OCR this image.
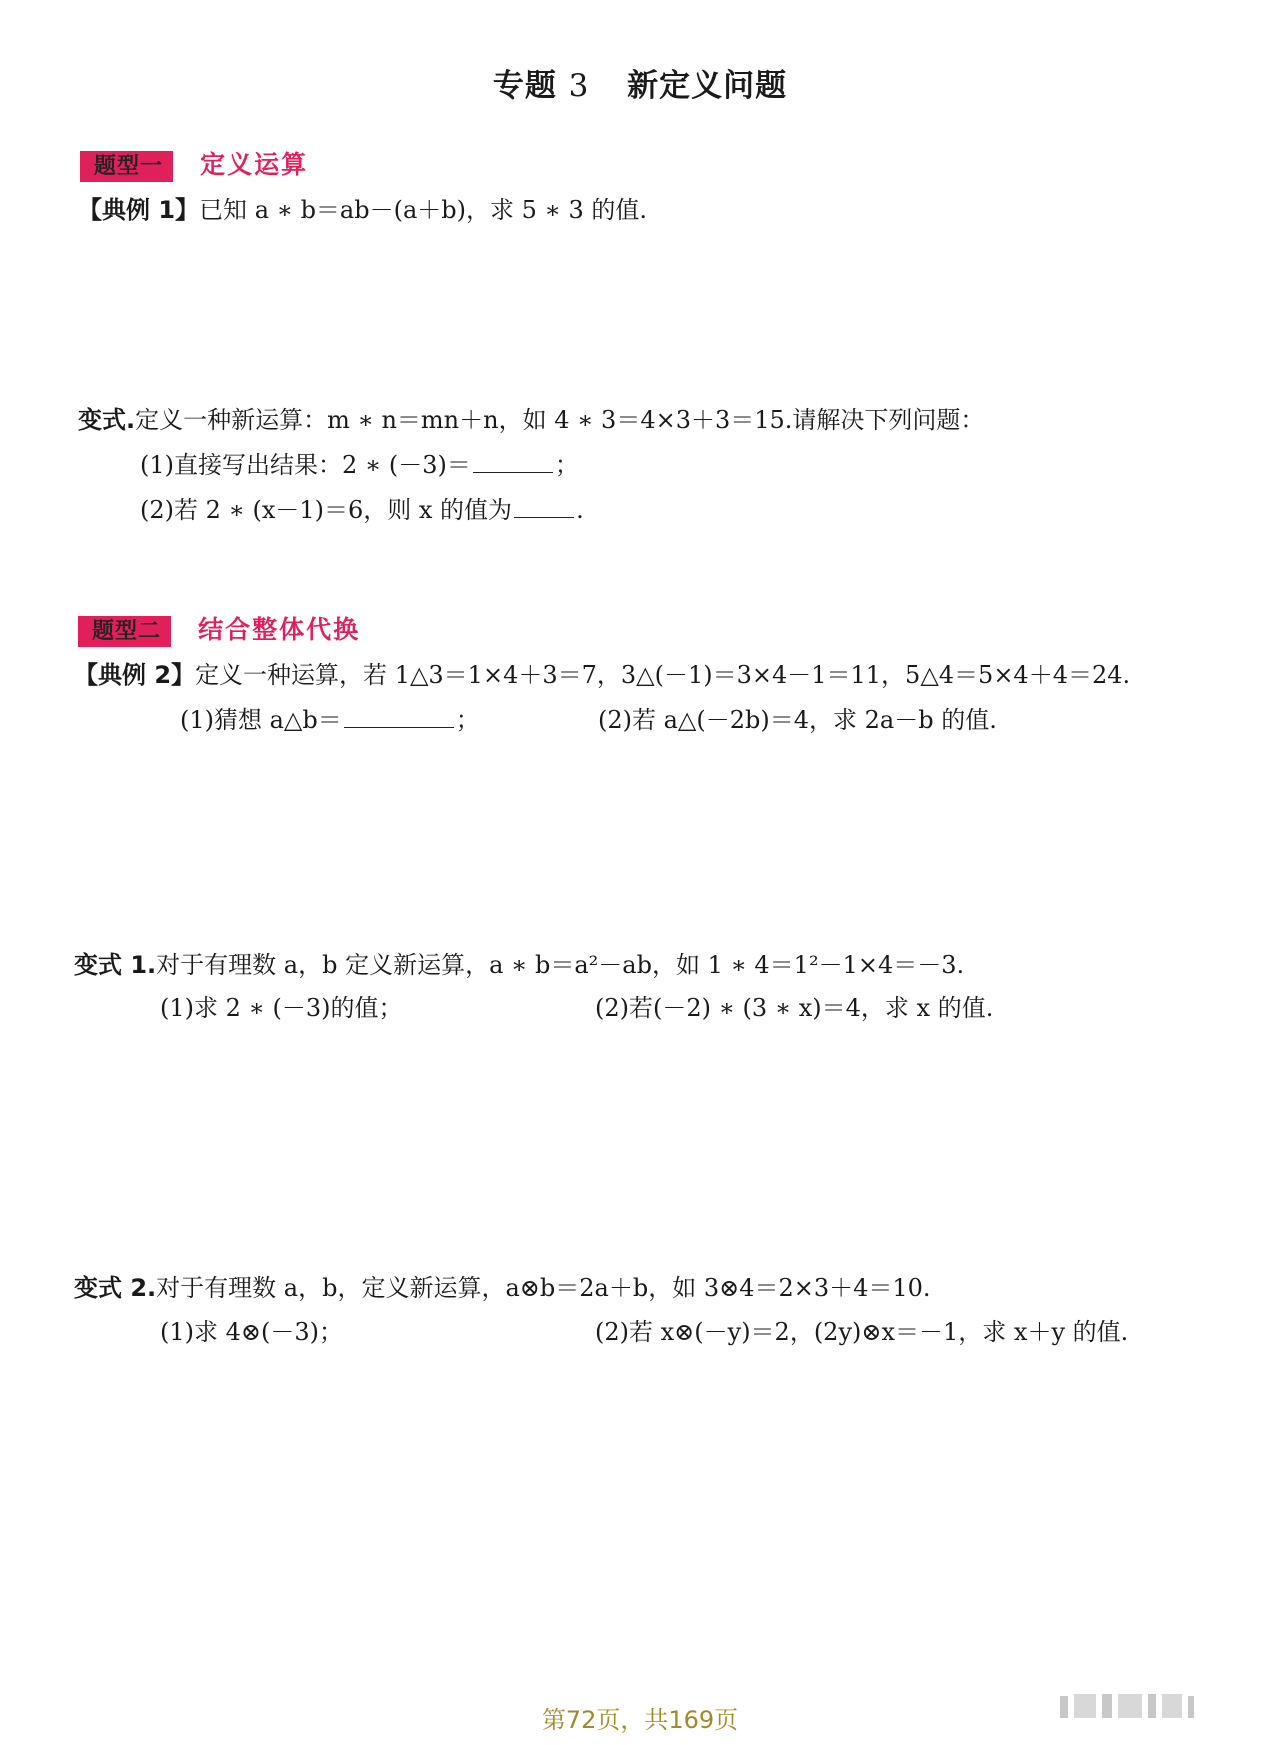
专题 3 新定义问题
题型一 定义运算
【典例 1】已知 a ∗ b＝ab－(a＋b)，求 5 ∗ 3 的值.
变式.定义一种新运算：m ∗ n＝mn＋n，如 4 ∗ 3＝4×3＋3＝15.请解决下列问题：
(1)直接写出结果：2 ∗ (－3)＝	；
(2)若 2 ∗ (x－1)＝6，则 x 的值为	.
题型二 结合整体代换
【典例 2】定义一种运算，若 1△3＝1×4＋3＝7，3△(－1)＝3×4－1＝11，5△4＝5×4＋4＝24.
(1)猜想 a△b＝	；	(2)若 a△(－2b)＝4，求 2a－b 的值.
变式 1.对于有理数 a，b 定义新运算，a ∗ b＝a²－ab，如 1 ∗ 4＝1²－1×4＝－3.
(1)求 2 ∗ (－3)的值；	(2)若(－2) ∗ (3 ∗ x)＝4，求 x 的值.
变式 2.对于有理数 a，b，定义新运算，a⊗b＝2a＋b，如 3⊗4＝2×3＋4＝10.
(1)求 4⊗(－3)；	(2)若 x⊗(－y)＝2，(2y)⊗x＝－1，求 x＋y 的值.
第72页，共169页
